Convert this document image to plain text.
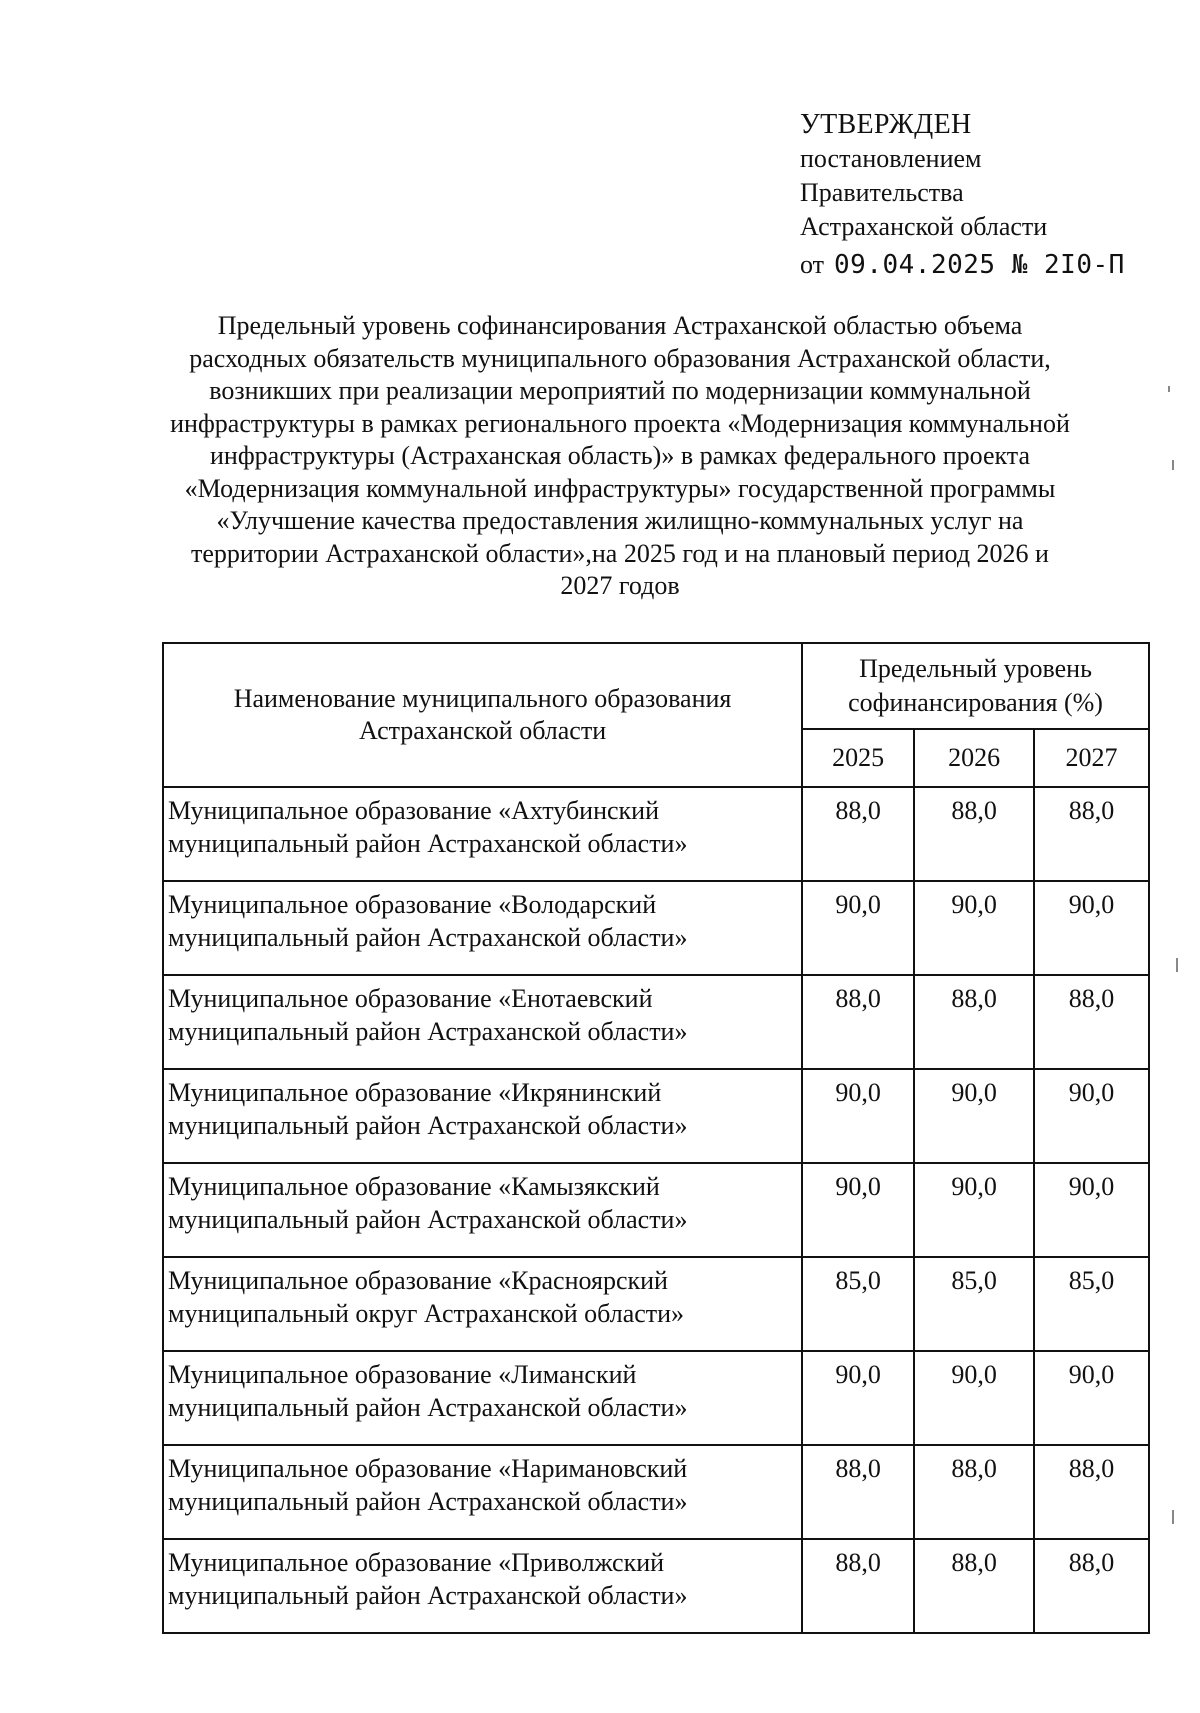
УТВЕРЖДЕН
постановлением
Правительства
Астраханской области
от 09.04.2025 № 2I0-П
Предельный уровень софинансирования Астраханской областью объема расходных обязательств муниципального образования Астраханской области, возникших при реализации мероприятий по модернизации коммунальной инфраструктуры в рамках регионального проекта «Модернизация коммунальной инфраструктуры (Астраханская область)» в рамках федерального проекта «Модернизация коммунальной инфраструктуры» государственной программы «Улучшение качества предоставления жилищно-коммунальных услуг на территории Астраханской области»,на 2025 год и на плановый период 2026 и 2027 годов
Наименование муниципального образования Астраханской области	Предельный уровень софинансирования (%)		
	2025	2026	2027
Муниципальное образование «Ахтубинский муниципальный район Астраханской области»	88,0	88,0	88,0
Муниципальное образование «Володарский муниципальный район Астраханской области»	90,0	90,0	90,0
Муниципальное образование «Енотаевский муниципальный район Астраханской области»	88,0	88,0	88,0
Муниципальное образование «Икрянинский муниципальный район Астраханской области»	90,0	90,0	90,0
Муниципальное образование «Камызякский муниципальный район Астраханской области»	90,0	90,0	90,0
Муниципальное образование «Красноярский муниципальный округ Астраханской области»	85,0	85,0	85,0
Муниципальное образование «Лиманский муниципальный район Астраханской области»	90,0	90,0	90,0
Муниципальное образование «Наримановский муниципальный район Астраханской области»	88,0	88,0	88,0
Муниципальное образование «Приволжский муниципальный район Астраханской области»	88,0	88,0	88,0
